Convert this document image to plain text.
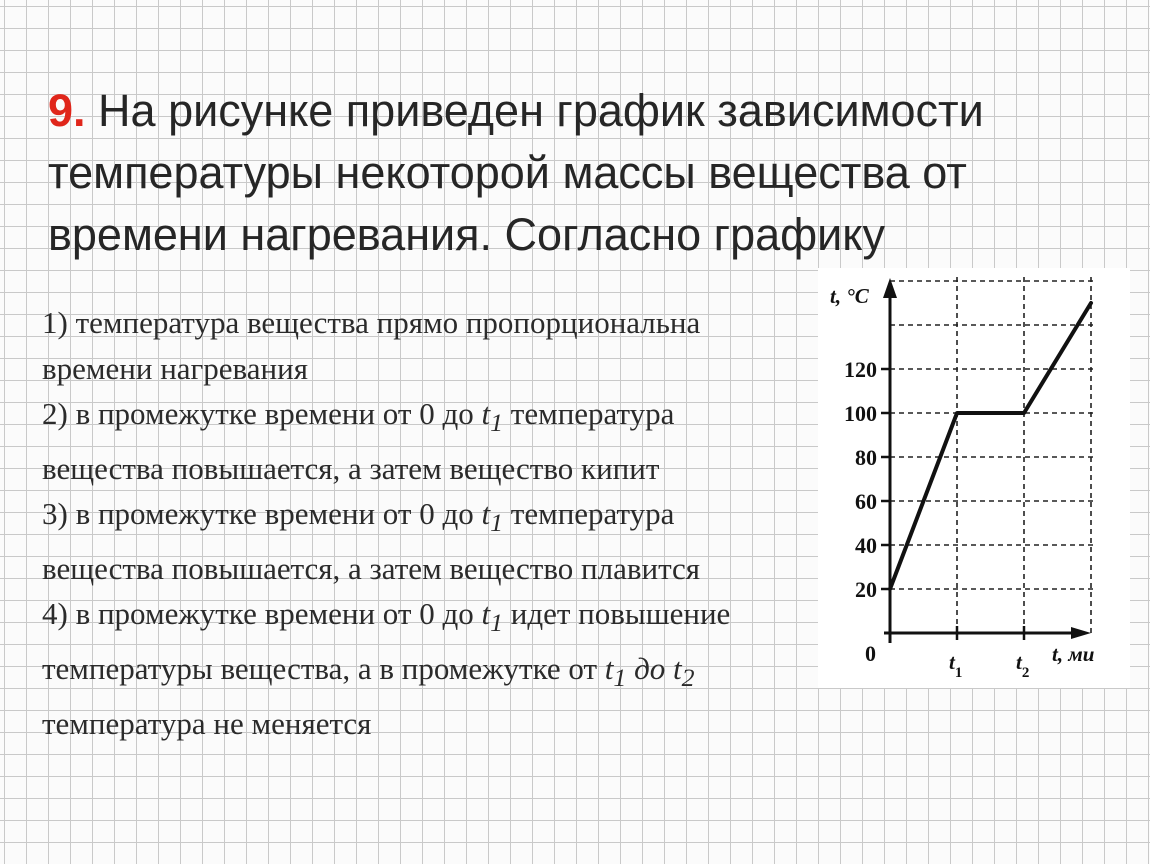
9. На рисунке приведен график зависимости температуры некоторой массы вещества от времени нагревания. Согласно графику

1) температура вещества прямо пропорциональна времени нагревания

2) в промежутке времени от 0 до $t_1$ температура вещества повышается, а затем вещество кипит

3) в промежутке времени от 0 до $t_1$ температура вещества повышается, а затем вещество плавится

4) в промежутке времени от 0 до $t_1$ идет повышение температуры вещества, а в промежутке от $t_1$ до $t_2$ температура не меняется

20
40
60
80
100
120
0	$t_1$	$t_2$
t, °C
t, ми
